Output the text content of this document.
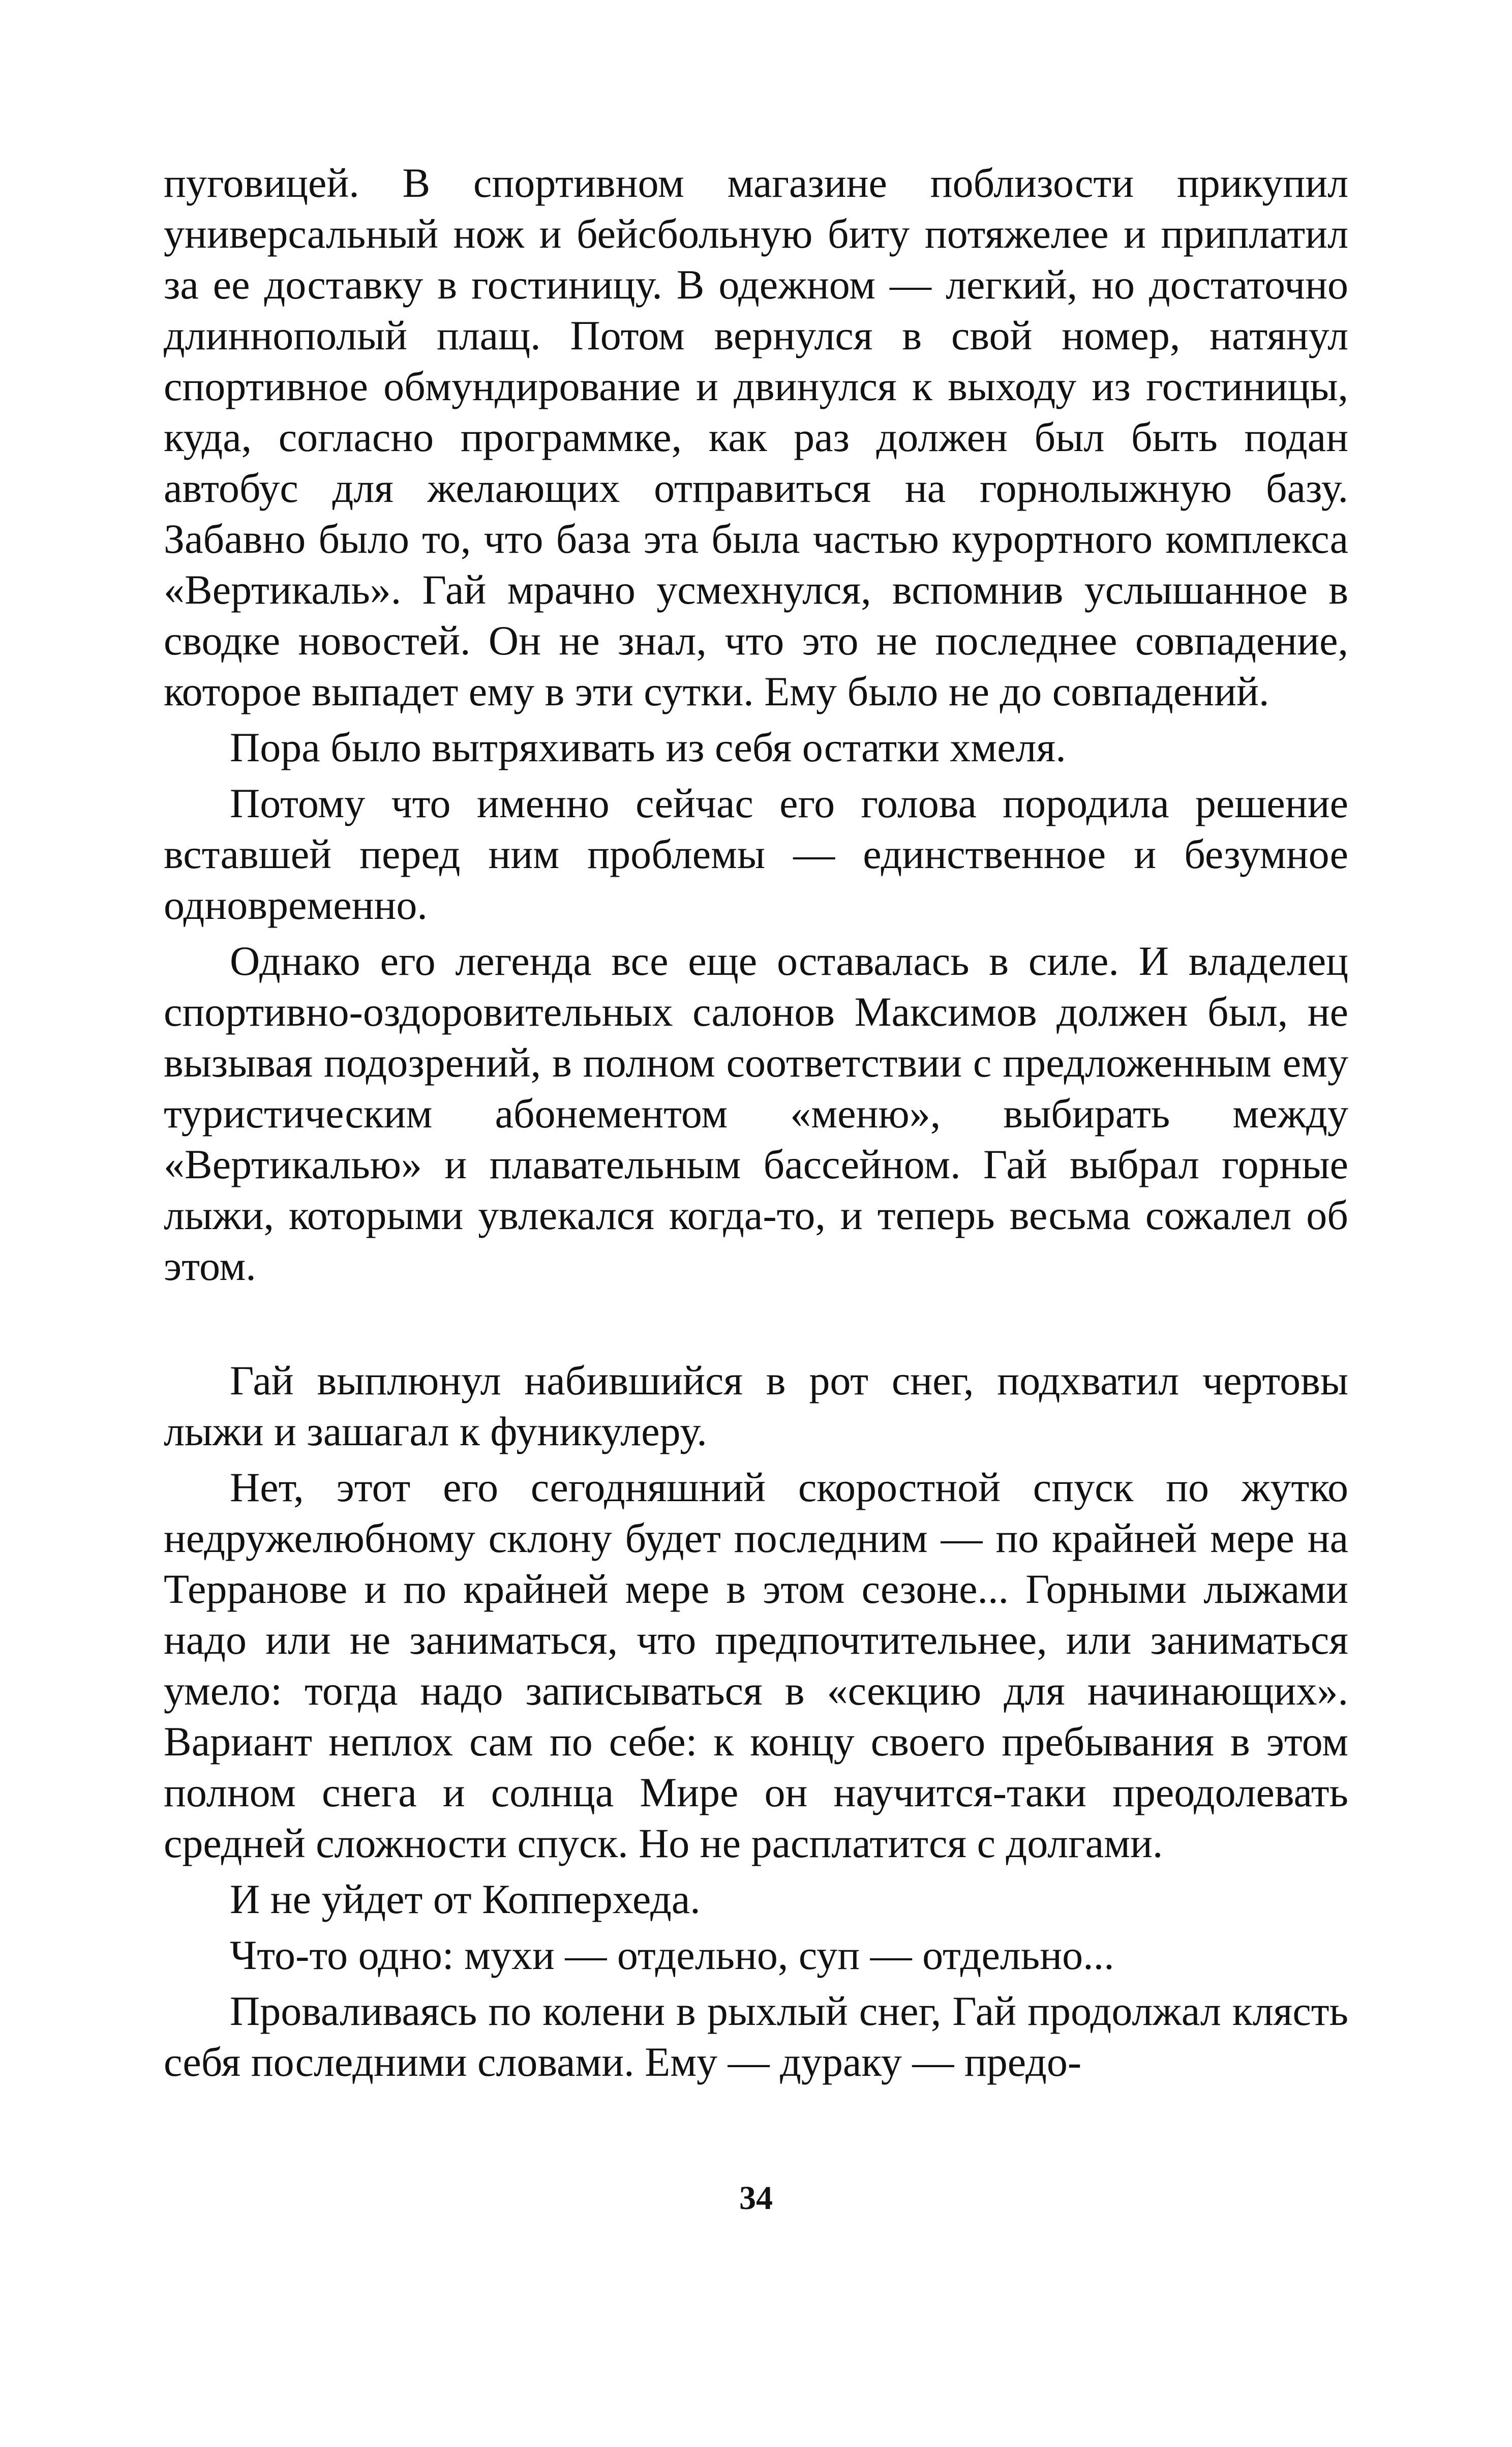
пуговицей. В спортивном магазине поблизости прикупил универсальный нож и бейсбольную биту потяжелее и приплатил за ее доставку в гостиницу. В одежном — легкий, но достаточно длиннополый плащ. Потом вернулся в свой номер, натянул спортивное обмундирование и двинулся к выходу из гостиницы, куда, согласно программке, как раз должен был быть подан автобус для желающих отправиться на горнолыжную базу. Забавно было то, что база эта была частью курортного комплекса «Вертикаль». Гай мрачно усмехнулся, вспомнив услышанное в сводке новостей. Он не знал, что это не последнее совпадение, которое выпадет ему в эти сутки. Ему было не до совпадений.

Пора было вытряхивать из себя остатки хмеля.

Потому что именно сейчас его голова породила решение вставшей перед ним проблемы — единственное и безумное одновременно.

Однако его легенда все еще оставалась в силе. И владелец спортивно-оздоровительных салонов Максимов должен был, не вызывая подозрений, в полном соответствии с предложенным ему туристическим абонементом «меню», выбирать между «Вертикалью» и плавательным бассейном. Гай выбрал горные лыжи, которыми увлекался когда-то, и теперь весьма сожалел об этом.

Гай выплюнул набившийся в рот снег, подхватил чертовы лыжи и зашагал к фуникулеру.

Нет, этот его сегодняшний скоростной спуск по жутко недружелюбному склону будет последним — по крайней мере на Терранове и по крайней мере в этом сезоне... Горными лыжами надо или не заниматься, что предпочтительнее, или заниматься умело: тогда надо записываться в «секцию для начинающих». Вариант неплох сам по себе: к концу своего пребывания в этом полном снега и солнца Мире он научится-таки преодолевать средней сложности спуск. Но не расплатится с долгами.

И не уйдет от Копперхеда.

Что-то одно: мухи — отдельно, суп — отдельно...

Проваливаясь по колени в рыхлый снег, Гай продолжал клясть себя последними словами. Ему — дураку — предо-

34
